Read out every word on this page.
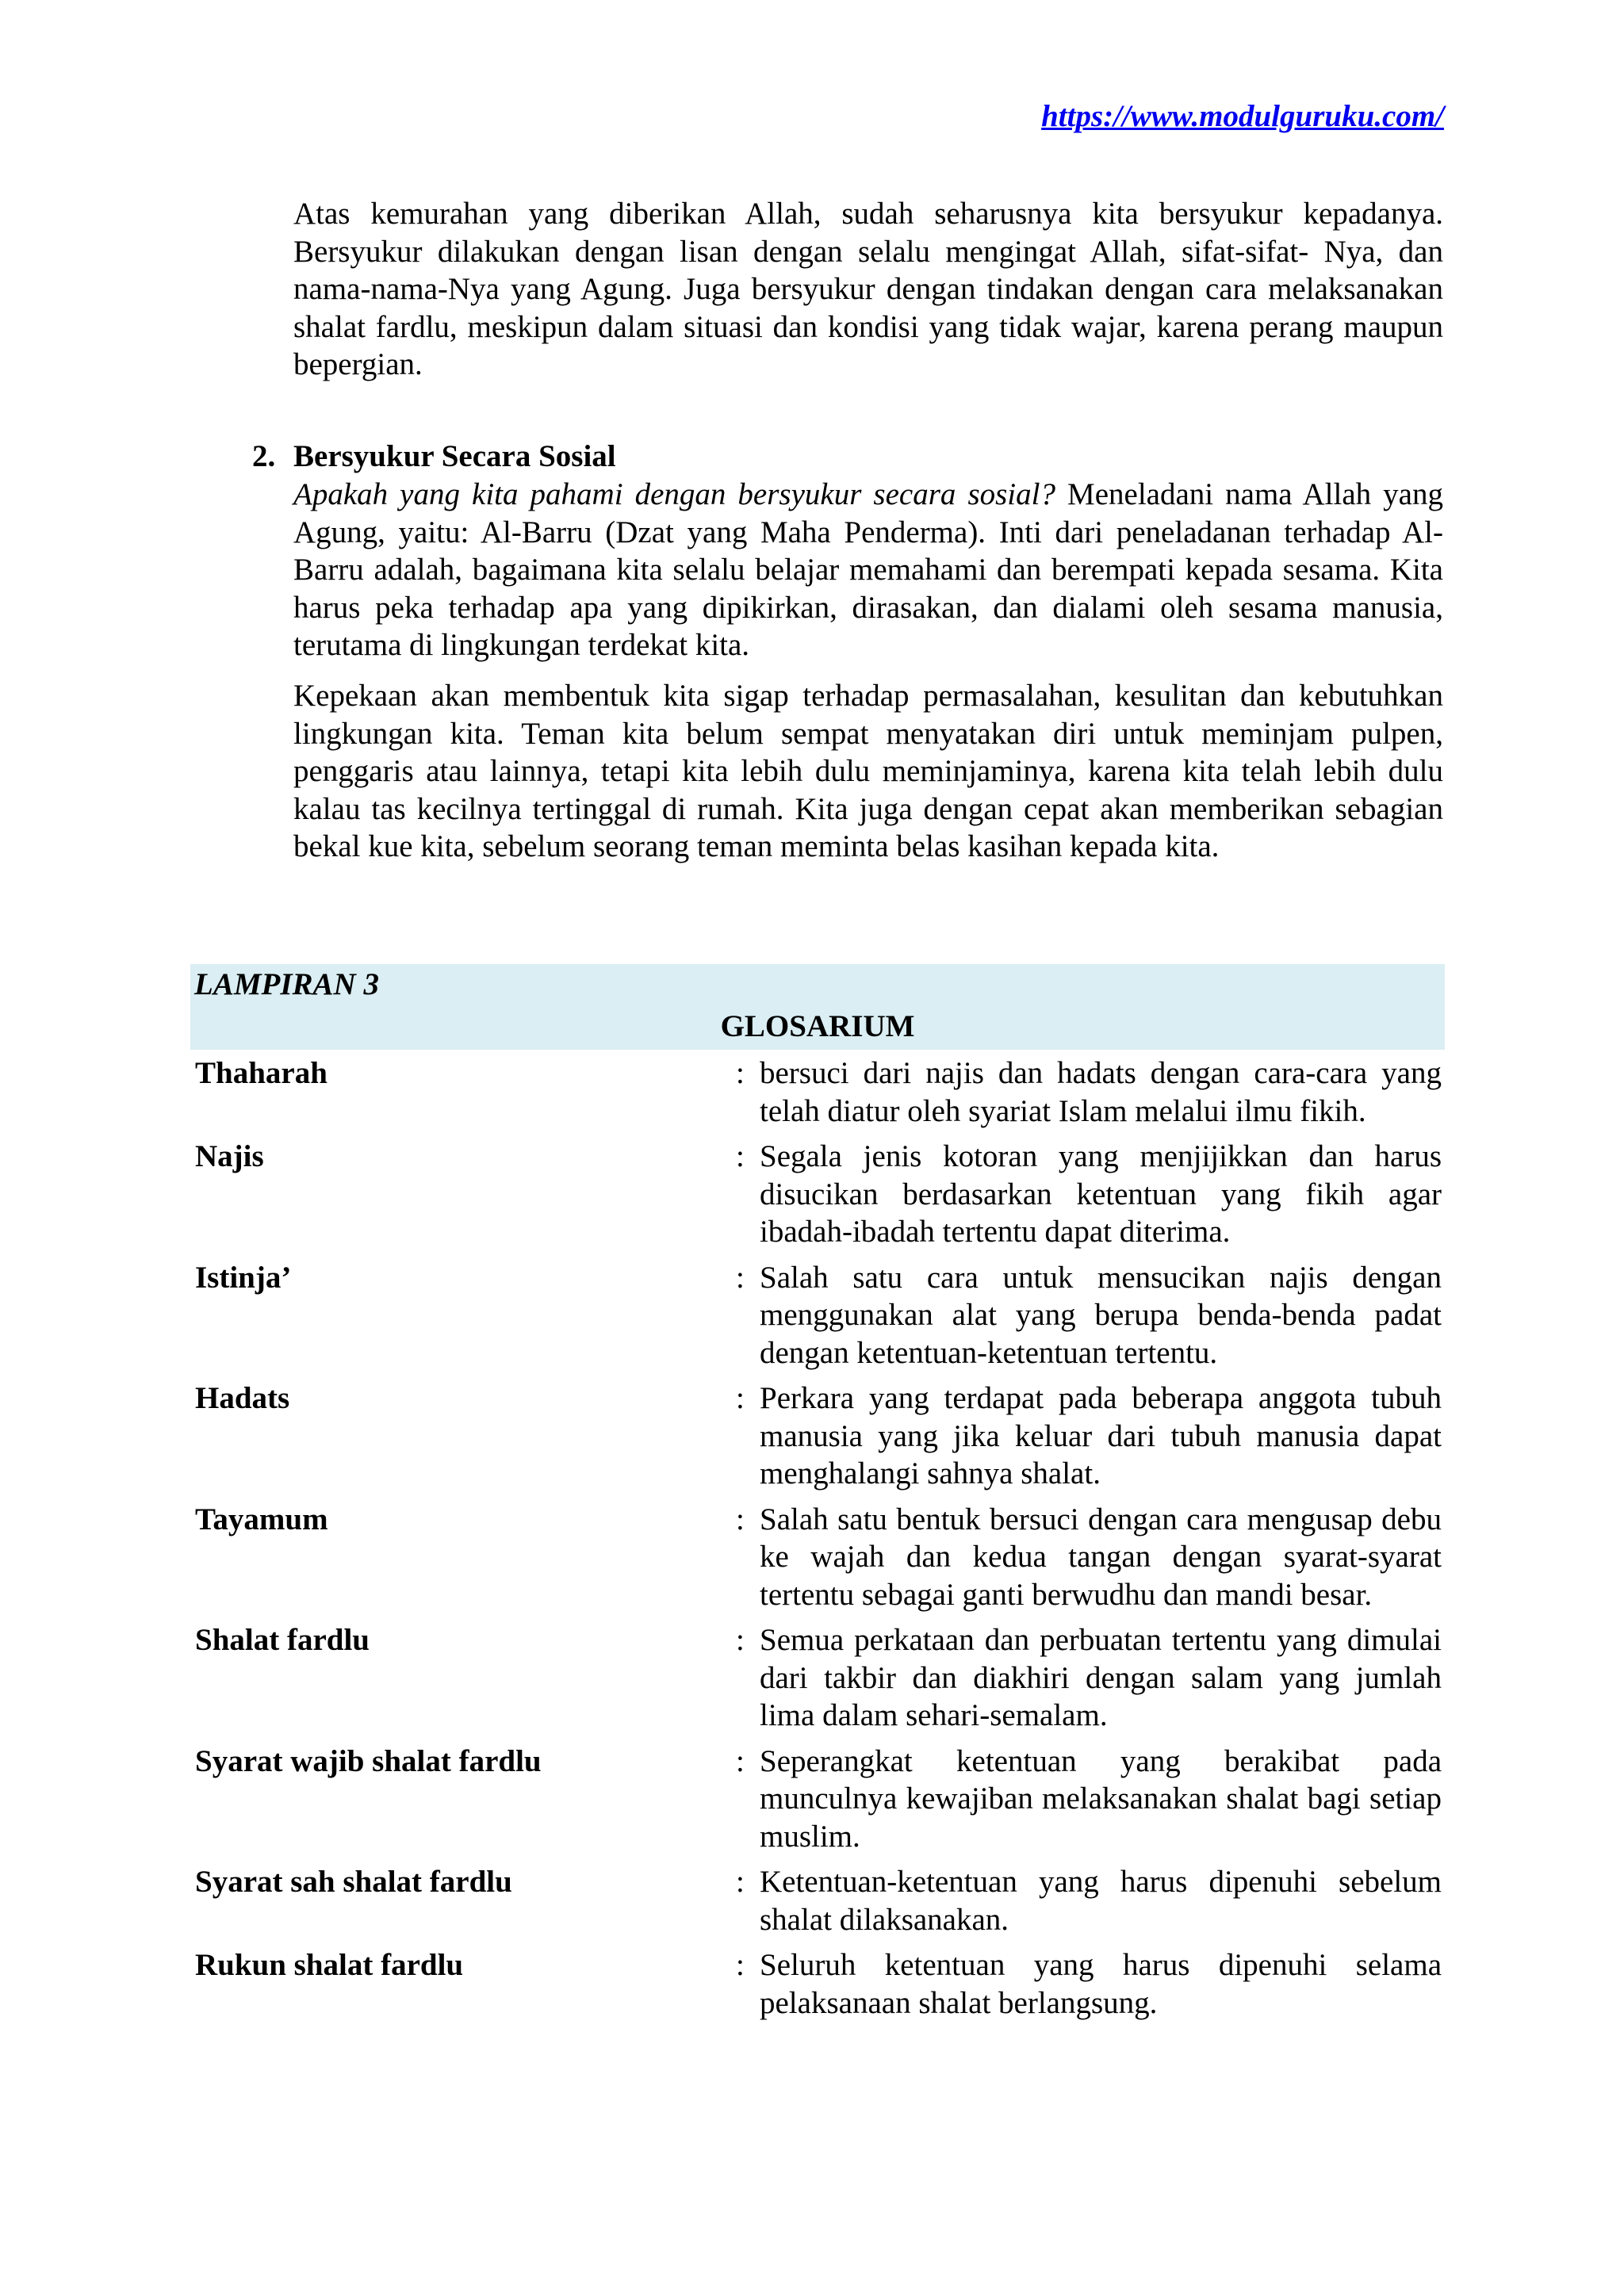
https://www.modulguruku.com/

Atas kemurahan yang diberikan Allah, sudah seharusnya kita bersyukur kepadanya. Bersyukur dilakukan dengan lisan dengan selalu mengingat Allah, sifat-sifat- Nya, dan nama-nama-Nya yang Agung. Juga bersyukur dengan tindakan dengan cara melaksanakan shalat fardlu, meskipun dalam situasi dan kondisi yang tidak wajar, karena perang maupun bepergian.

2. Bersyukur Secara Sosial

Apakah yang kita pahami dengan bersyukur secara sosial? Meneladani nama Allah yang Agung, yaitu: Al-Barru (Dzat yang Maha Penderma). Inti dari peneladanan terhadap Al-Barru adalah, bagaimana kita selalu belajar memahami dan berempati kepada sesama. Kita harus peka terhadap apa yang dipikirkan, dirasakan, dan dialami oleh sesama manusia, terutama di lingkungan terdekat kita.

Kepekaan akan membentuk kita sigap terhadap permasalahan, kesulitan dan kebutuhkan lingkungan kita. Teman kita belum sempat menyatakan diri untuk meminjam pulpen, penggaris atau lainnya, tetapi kita lebih dulu meminjaminya, karena kita telah lebih dulu kalau tas kecilnya tertinggal di rumah. Kita juga dengan cepat akan memberikan sebagian bekal kue kita, sebelum seorang teman meminta belas kasihan kepada kita.

LAMPIRAN 3
GLOSARIUM
Thaharah	: bersuci dari najis dan hadats dengan cara-cara yang telah diatur oleh syariat Islam melalui ilmu fikih.
Najis	: Segala jenis kotoran yang menjijikkan dan harus disucikan berdasarkan ketentuan yang fikih agar ibadah-ibadah tertentu dapat diterima.
Istinja’	: Salah satu cara untuk mensucikan najis dengan menggunakan alat yang berupa benda-benda padat dengan ketentuan-ketentuan tertentu.
Hadats	: Perkara yang terdapat pada beberapa anggota tubuh manusia yang jika keluar dari tubuh manusia dapat menghalangi sahnya shalat.
Tayamum	: Salah satu bentuk bersuci dengan cara mengusap debu ke wajah dan kedua tangan dengan syarat-syarat tertentu sebagai ganti berwudhu dan mandi besar.
Shalat fardlu	: Semua perkataan dan perbuatan tertentu yang dimulai dari takbir dan diakhiri dengan salam yang jumlah lima dalam sehari-semalam.
Syarat wajib shalat fardlu	: Seperangkat ketentuan yang berakibat pada munculnya kewajiban melaksanakan shalat bagi setiap muslim.
Syarat sah shalat fardlu	: Ketentuan-ketentuan yang harus dipenuhi sebelum shalat dilaksanakan.
Rukun shalat fardlu	: Seluruh ketentuan yang harus dipenuhi selama pelaksanaan shalat berlangsung.
